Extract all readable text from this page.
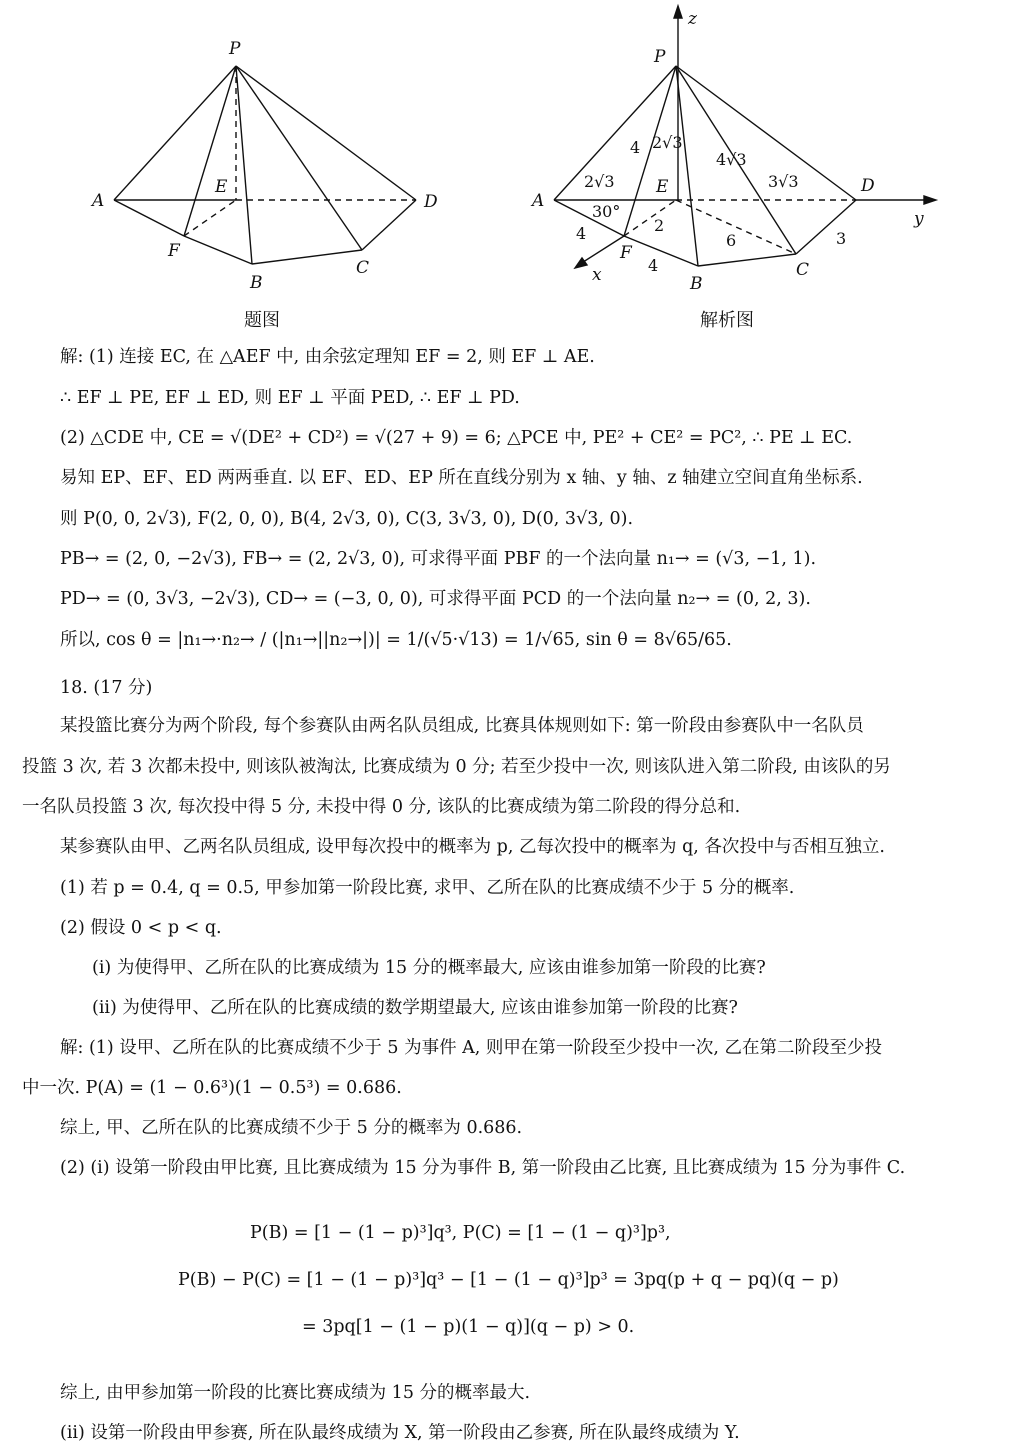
P
A
E
D
F
B
C
题图
P
A
E	D
F
B
C
x
y
z
4 2√3
4√3
3√3
2√3
30°
4	2
4
6	3
解析图
解: (1) 连接 EC, 在 △AEF 中, 由余弦定理知 EF = 2, 则 EF ⊥ AE.
∴ EF ⊥ PE, EF ⊥ ED, 则 EF ⊥ 平面 PED, ∴ EF ⊥ PD.
(2) △CDE 中, CE = √(DE² + CD²) = √(27 + 9) = 6; △PCE 中, PE² + CE² = PC², ∴ PE ⊥ EC.
易知 EP、EF、ED 两两垂直. 以 EF、ED、EP 所在直线分别为 x 轴、y 轴、z 轴建立空间直角坐标系.
则 P(0, 0, 2√3), F(2, 0, 0), B(4, 2√3, 0), C(3, 3√3, 0), D(0, 3√3, 0).
PB→ = (2, 0, −2√3), FB→ = (2, 2√3, 0), 可求得平面 PBF 的一个法向量 n₁→ = (√3, −1, 1).
PD→ = (0, 3√3, −2√3), CD→ = (−3, 0, 0), 可求得平面 PCD 的一个法向量 n₂→ = (0, 2, 3).
所以, cos θ = |n₁→·n₂→ / (|n₁→||n₂→|)| = 1/(√5·√13) = 1/√65, sin θ = 8√65/65.
18. (17 分)
某投篮比赛分为两个阶段, 每个参赛队由两名队员组成, 比赛具体规则如下: 第一阶段由参赛队中一名队员
投篮 3 次, 若 3 次都未投中, 则该队被淘汰, 比赛成绩为 0 分; 若至少投中一次, 则该队进入第二阶段, 由该队的另
一名队员投篮 3 次, 每次投中得 5 分, 未投中得 0 分, 该队的比赛成绩为第二阶段的得分总和.
某参赛队由甲、乙两名队员组成, 设甲每次投中的概率为 p, 乙每次投中的概率为 q, 各次投中与否相互独立.
(1) 若 p = 0.4, q = 0.5, 甲参加第一阶段比赛, 求甲、乙所在队的比赛成绩不少于 5 分的概率.
(2) 假设 0 < p < q.
(i) 为使得甲、乙所在队的比赛成绩为 15 分的概率最大, 应该由谁参加第一阶段的比赛?
(ii) 为使得甲、乙所在队的比赛成绩的数学期望最大, 应该由谁参加第一阶段的比赛?
解: (1) 设甲、乙所在队的比赛成绩不少于 5 为事件 A, 则甲在第一阶段至少投中一次, 乙在第二阶段至少投
中一次. P(A) = (1 − 0.6³)(1 − 0.5³) = 0.686.
综上, 甲、乙所在队的比赛成绩不少于 5 分的概率为 0.686.
(2) (i) 设第一阶段由甲比赛, 且比赛成绩为 15 分为事件 B, 第一阶段由乙比赛, 且比赛成绩为 15 分为事件 C.
P(B) = [1 − (1 − p)³]q³, P(C) = [1 − (1 − q)³]p³,
P(B) − P(C) = [1 − (1 − p)³]q³ − [1 − (1 − q)³]p³ = 3pq(p + q − pq)(q − p)
= 3pq[1 − (1 − p)(1 − q)](q − p) > 0.
综上, 由甲参加第一阶段的比赛比赛成绩为 15 分的概率最大.
(ii) 设第一阶段由甲参赛, 所在队最终成绩为 X, 第一阶段由乙参赛, 所在队最终成绩为 Y.
